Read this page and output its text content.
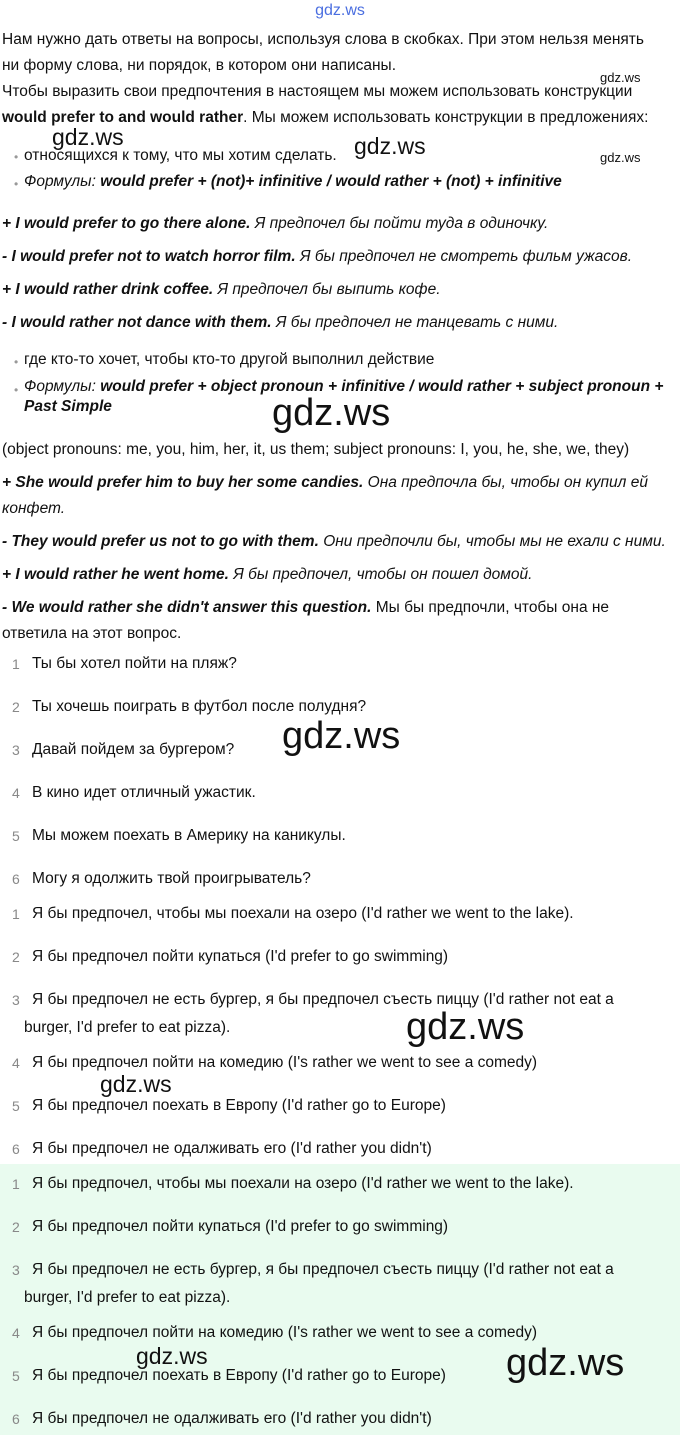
gdz.ws
Нам нужно дать ответы на вопросы, используя слова в скобках. При этом нельзя менять
ни форму слова, ни порядок, в котором они написаны.
Чтобы выразить свои предпочтения в настоящем мы можем использовать конструкции
would prefer to and would rather. Мы можем использовать конструкции в предложениях:
• относящихся к тому, что мы хотим сделать.
• Формулы: would prefer + (not)+ infinitive / would rather + (not) + infinitive
+ I would prefer to go there alone. Я предпочел бы пойти туда в одиночку.
- I would prefer not to watch horror film. Я бы предпочел не смотреть фильм ужасов.
+ I would rather drink coffee. Я предпочел бы выпить кофе.
- I would rather not dance with them. Я бы предпочел не танцевать с ними.
• где кто-то хочет, чтобы кто-то другой выполнил действие
• Формулы: would prefer + object pronoun + infinitive / would rather + subject pronoun +
Past Simple
(object pronouns: me, you, him, her, it, us them; subject pronouns: I, you, he, she, we, they)
+ She would prefer him to buy her some candies. Она предпочла бы, чтобы он купил ей
конфет.
- They would prefer us not to go with them. Они предпочли бы, чтобы мы не ехали с ними.
+ I would rather he went home. Я бы предпочел, чтобы он пошел домой.
- We would rather she didn't answer this question. Мы бы предпочли, чтобы она не
ответила на этот вопрос.
1 Ты бы хотел пойти на пляж?
2 Ты хочешь поиграть в футбол после полудня?
3 Давай пойдем за бургером?
4 В кино идет отличный ужастик.
5 Мы можем поехать в Америку на каникулы.
6 Могу я одолжить твой проигрыватель?
1 Я бы предпочел, чтобы мы поехали на озеро (I'd rather we went to the lake).
2 Я бы предпочел пойти купаться (I'd prefer to go swimming)
3 Я бы предпочел не есть бургер, я бы предпочел съесть пиццу (I'd rather not eat a
burger, I'd prefer to eat pizza).
4 Я бы предпочел пойти на комедию (I's rather we went to see a comedy)
5 Я бы предпочел поехать в Европу (I'd rather go to Europe)
6 Я бы предпочел не одалживать его (I'd rather you didn't)
1 Я бы предпочел, чтобы мы поехали на озеро (I'd rather we went to the lake).
2 Я бы предпочел пойти купаться (I'd prefer to go swimming)
3 Я бы предпочел не есть бургер, я бы предпочел съесть пиццу (I'd rather not eat a
burger, I'd prefer to eat pizza).
4 Я бы предпочел пойти на комедию (I's rather we went to see a comedy)
5 Я бы предпочел поехать в Европу (I'd rather go to Europe)
6 Я бы предпочел не одалживать его (I'd rather you didn't)
gdz.ws
gdz.ws	gdz.ws	gdz.ws
gdz.ws
gdz.ws
gdz.ws
gdz.ws
gdz.ws	gdz.ws
